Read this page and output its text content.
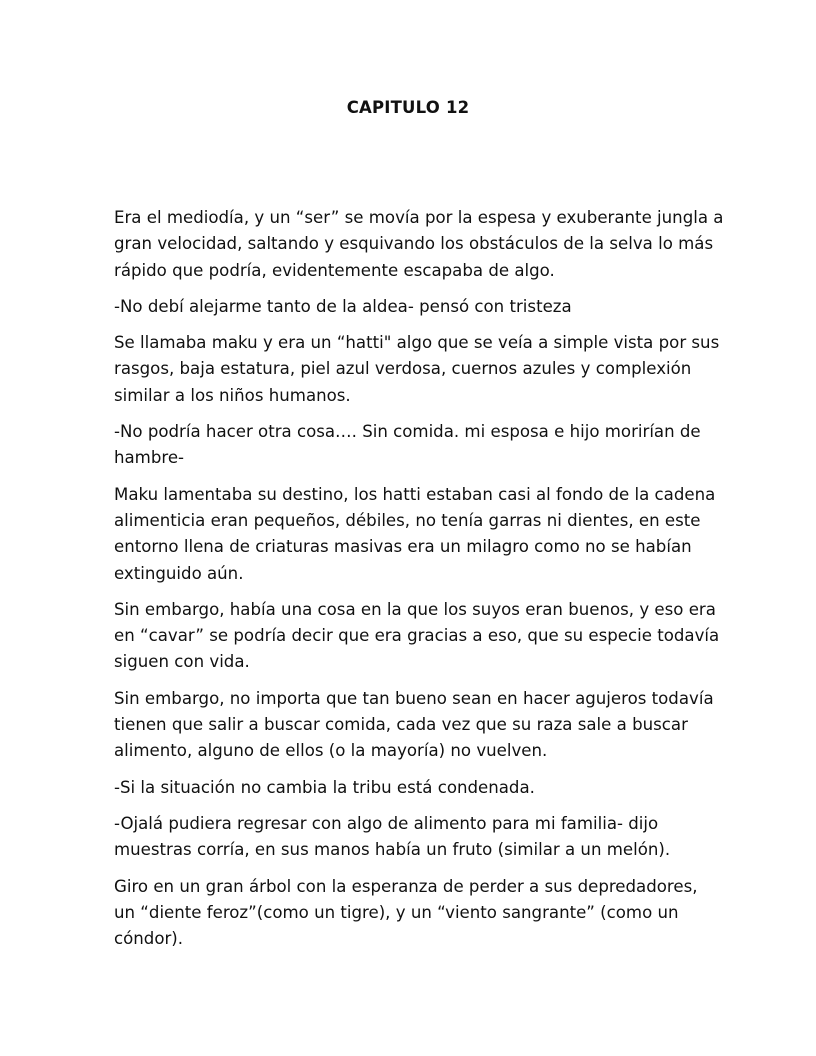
CAPITULO 12

Era el mediodía, y un “ser” se movía por la espesa y exuberante jungla a
gran velocidad, saltando y esquivando los obstáculos de la selva lo más
rápido que podría, evidentemente escapaba de algo.

-No debí alejarme tanto de la aldea- pensó con tristeza

Se llamaba maku y era un “hatti" algo que se veía a simple vista por sus
rasgos, baja estatura, piel azul verdosa, cuernos azules y complexión
similar a los niños humanos.

-No podría hacer otra cosa…. Sin comida. mi esposa e hijo morirían de
hambre-

Maku lamentaba su destino, los hatti estaban casi al fondo de la cadena
alimenticia eran pequeños, débiles, no tenía garras ni dientes, en este
entorno llena de criaturas masivas era un milagro como no se habían
extinguido aún.

Sin embargo, había una cosa en la que los suyos eran buenos, y eso era
en “cavar” se podría decir que era gracias a eso, que su especie todavía
siguen con vida.

Sin embargo, no importa que tan bueno sean en hacer agujeros todavía
tienen que salir a buscar comida, cada vez que su raza sale a buscar
alimento, alguno de ellos (o la mayoría) no vuelven.

-Si la situación no cambia la tribu está condenada.

-Ojalá pudiera regresar con algo de alimento para mi familia- dijo
muestras corría, en sus manos había un fruto (similar a un melón).

Giro en un gran árbol con la esperanza de perder a sus depredadores,
un “diente feroz”(como un tigre), y un “viento sangrante” (como un
cóndor).
